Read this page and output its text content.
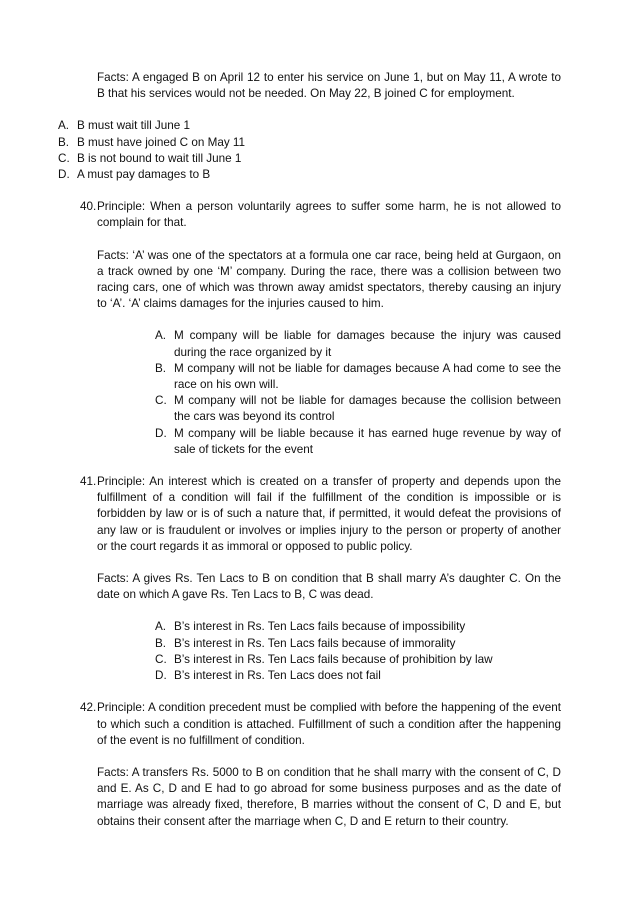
Facts: A engaged B on April 12 to enter his service on June 1, but on May 11, A wrote to B that his services would not be needed. On May 22, B joined C for employment.
A. B must wait till June 1
B. B must have joined C on May 11
C. B is not bound to wait till June 1
D. A must pay damages to B
40. Principle: When a person voluntarily agrees to suffer some harm, he is not allowed to complain for that.

Facts: ‘A’ was one of the spectators at a formula one car race, being held at Gurgaon, on a track owned by one ‘M’ company. During the race, there was a collision between two racing cars, one of which was thrown away amidst spectators, thereby causing an injury to ‘A’. ‘A’ claims damages for the injuries caused to him.
A. M company will be liable for damages because the injury was caused during the race organized by it
B. M company will not be liable for damages because A had come to see the race on his own will.
C. M company will not be liable for damages because the collision between the cars was beyond its control
D. M company will be liable because it has earned huge revenue by way of sale of tickets for the event
41. Principle: An interest which is created on a transfer of property and depends upon the fulfillment of a condition will fail if the fulfillment of the condition is impossible or is forbidden by law or is of such a nature that, if permitted, it would defeat the provisions of any law or is fraudulent or involves or implies injury to the person or property of another or the court regards it as immoral or opposed to public policy.

Facts: A gives Rs. Ten Lacs to B on condition that B shall marry A’s daughter C. On the date on which A gave Rs. Ten Lacs to B, C was dead.
A. B’s interest in Rs. Ten Lacs fails because of impossibility
B. B’s interest in Rs. Ten Lacs fails because of immorality
C. B’s interest in Rs. Ten Lacs fails because of prohibition by law
D. B’s interest in Rs. Ten Lacs does not fail
42. Principle: A condition precedent must be complied with before the happening of the event to which such a condition is attached. Fulfillment of such a condition after the happening of the event is no fulfillment of condition.

Facts: A transfers Rs. 5000 to B on condition that he shall marry with the consent of C, D and E. As C, D and E had to go abroad for some business purposes and as the date of marriage was already fixed, therefore, B marries without the consent of C, D and E, but obtains their consent after the marriage when C, D and E return to their country.
